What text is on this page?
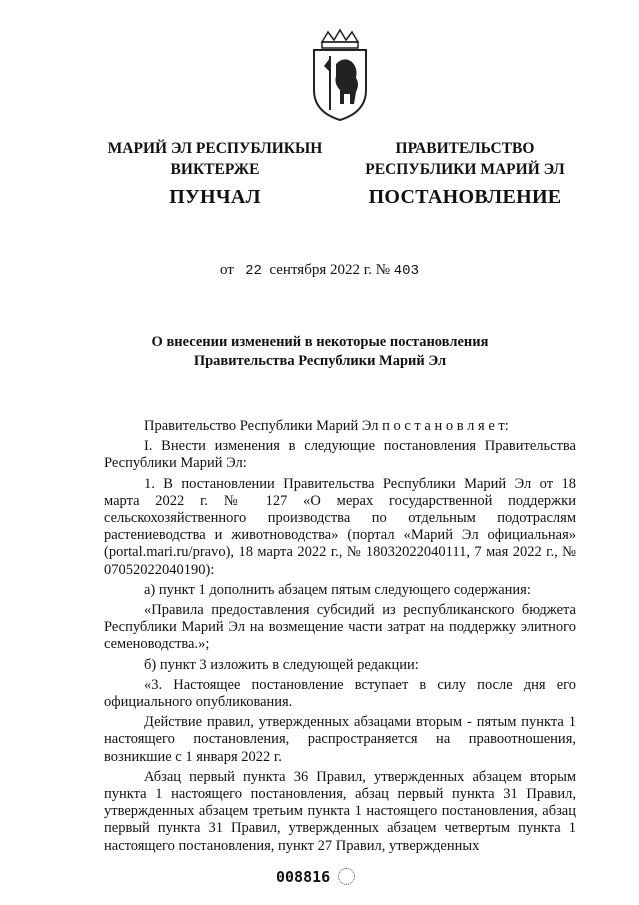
МАРИЙ ЭЛ РЕСПУБЛИКЫН
ВИКТЕРЖЕ
ПУНЧАЛ
ПРАВИТЕЛЬСТВО
РЕСПУБЛИКИ МАРИЙ ЭЛ
ПОСТАНОВЛЕНИЕ
от 22 сентября 2022 г. № 403
О внесении изменений в некоторые постановления
Правительства Республики Марий Эл

Правительство Республики Марий Эл п о с т а н о в л я е т:

I. Внести изменения в следующие постановления Правительства Республики Марий Эл:

1. В постановлении Правительства Республики Марий Эл от 18 марта 2022 г. № 127 «О мерах государственной поддержки сельскохозяйственного производства по отдельным подотраслям растениеводства и животноводства» (портал «Марий Эл официальная» (portal.mari.ru/pravo), 18 марта 2022 г., № 18032022040111, 7 мая 2022 г., № 07052022040190):

а) пункт 1 дополнить абзацем пятым следующего содержания:

«Правила предоставления субсидий из республиканского бюджета Республики Марий Эл на возмещение части затрат на поддержку элитного семеноводства.»;

б) пункт 3 изложить в следующей редакции:

«3. Настоящее постановление вступает в силу после дня его официального опубликования.

Действие правил, утвержденных абзацами вторым - пятым пункта 1 настоящего постановления, распространяется на правоотношения, возникшие с 1 января 2022 г.

Абзац первый пункта 36 Правил, утвержденных абзацем вторым пункта 1 настоящего постановления, абзац первый пункта 31 Правил, утвержденных абзацем третьим пункта 1 настоящего постановления, абзац первый пункта 31 Правил, утвержденных абзацем четвертым пункта 1 настоящего постановления, пункт 27 Правил, утвержденных

008816
